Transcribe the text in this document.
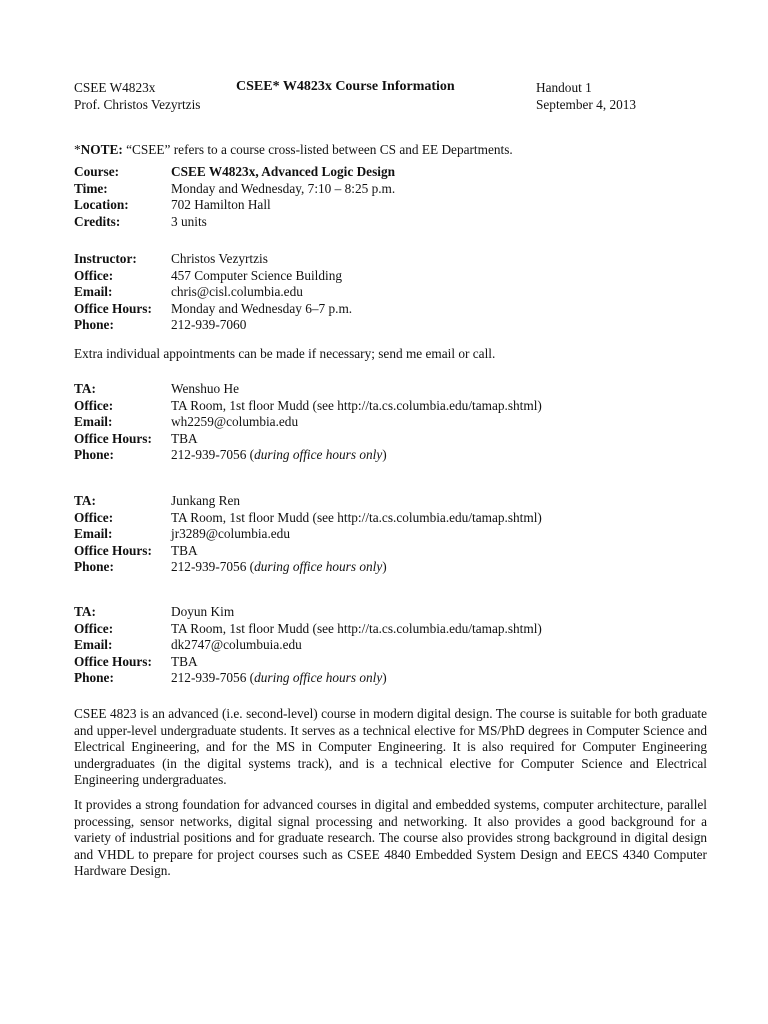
CSEE W4823x	CSEE* W4823x Course Information	Handout 1
Prof. Christos Vezyrtzis	September 4, 2013
*NOTE: “CSEE” refers to a course cross-listed between CS and EE Departments.
Course:	CSEE W4823x, Advanced Logic Design
Time:	Monday and Wednesday, 7:10 – 8:25 p.m.
Location:	702 Hamilton Hall
Credits:	3 units
Instructor:	Christos Vezyrtzis
Office:	457 Computer Science Building
Email:	chris@cisl.columbia.edu
Office Hours: Monday and Wednesday 6–7 p.m.
Phone:	212-939-7060
Extra individual appointments can be made if necessary; send me email or call.
TA:	Wenshuo He
Office:	TA Room, 1st floor Mudd (see http://ta.cs.columbia.edu/tamap.shtml)
Email:	wh2259@columbia.edu
Office Hours: TBA
Phone:	212-939-7056 (during office hours only)
TA:	Junkang Ren
Office:	TA Room, 1st floor Mudd (see http://ta.cs.columbia.edu/tamap.shtml)
Email:	jr3289@columbia.edu
Office Hours: TBA
Phone:	212-939-7056 (during office hours only)
TA:	Doyun Kim
Office:	TA Room, 1st floor Mudd (see http://ta.cs.columbia.edu/tamap.shtml)
Email:	dk2747@columbuia.edu
Office Hours: TBA
Phone:	212-939-7056 (during office hours only)
CSEE 4823 is an advanced (i.e. second-level) course in modern digital design. The course is suitable for both graduate and upper-level undergraduate students. It serves as a technical elective for MS/PhD degrees in Computer Science and Electrical Engineering, and for the MS in Computer Engineering. It is also required for Computer Engineering undergraduates (in the digital systems track), and is a technical elective for Computer Science and Electrical Engineering undergraduates.
It provides a strong foundation for advanced courses in digital and embedded systems, computer architecture, parallel processing, sensor networks, digital signal processing and networking. It also provides a good background for a variety of industrial positions and for graduate research. The course also provides strong background in digital design and VHDL to prepare for project courses such as CSEE 4840 Embedded System Design and EECS 4340 Computer Hardware Design.
